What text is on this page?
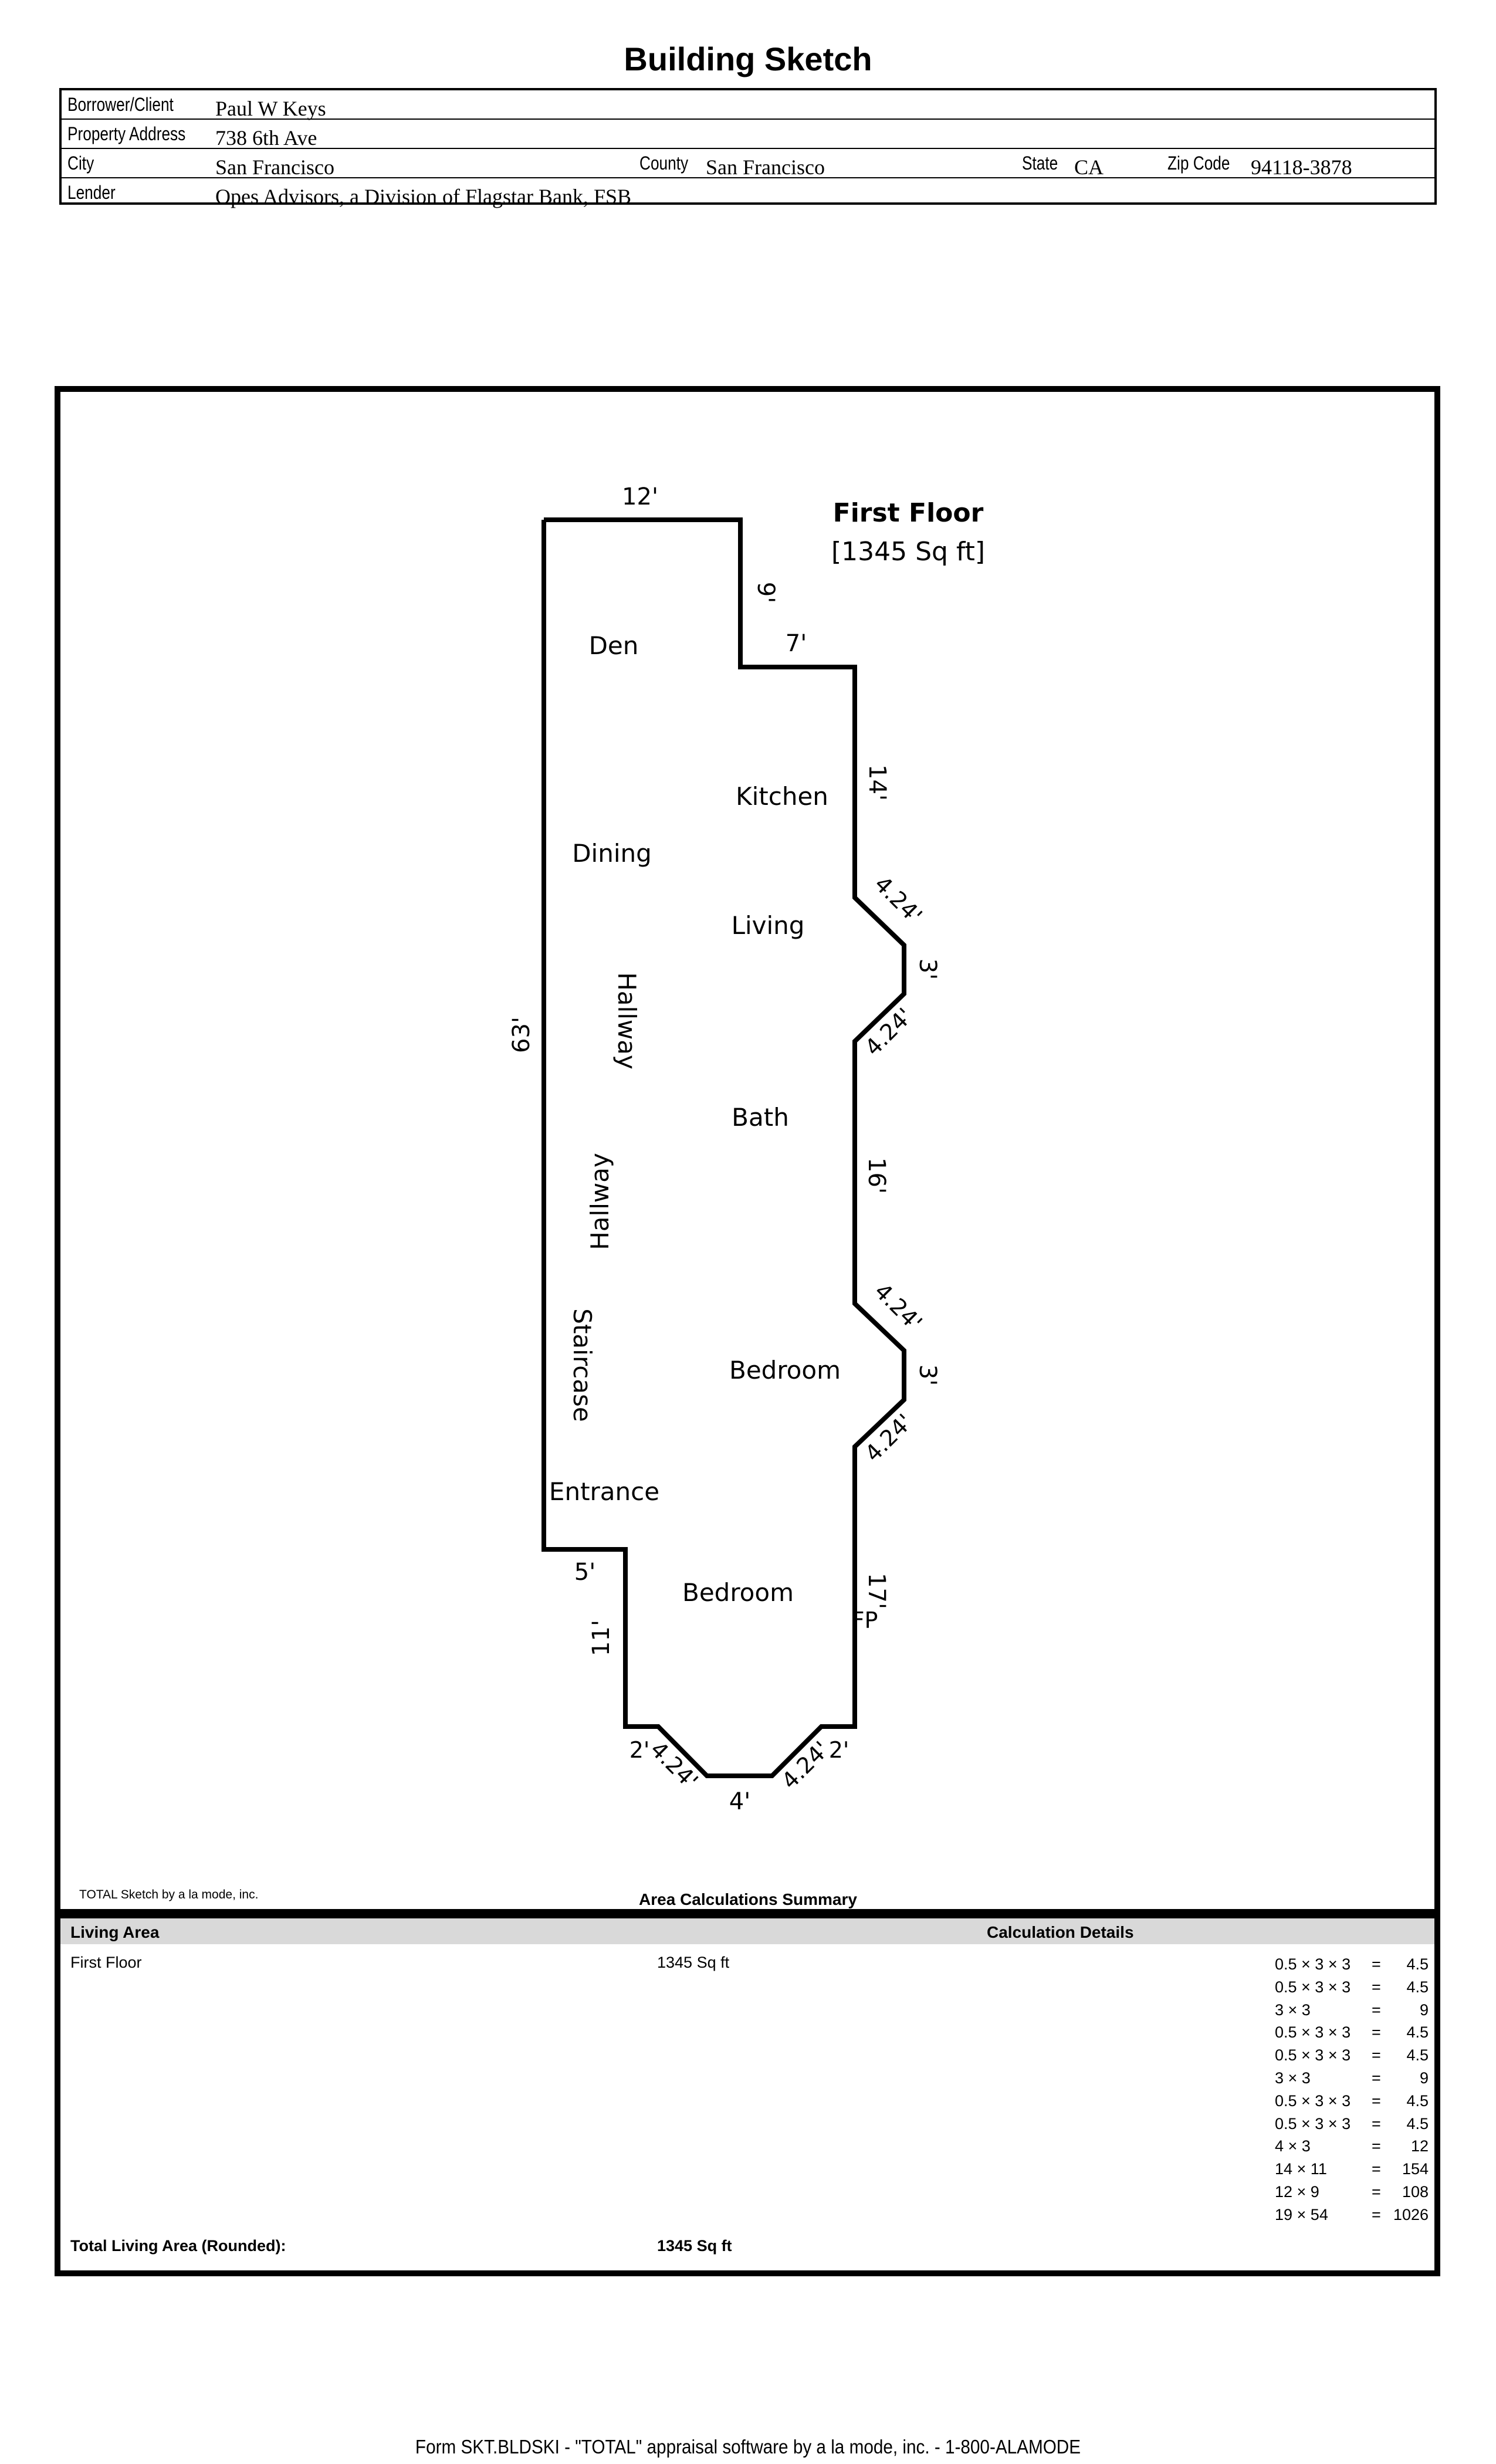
Building Sketch
Borrower/Client Paul W Keys
Property Address 738 6th Ave
City	San Francisco	County San Francisco	State CA	Zip Code 94118-3878
Lender	Opes Advisors, a Division of Flagstar Bank, FSB
First Floor
[1345 Sq ft]
Den
Kitchen
Dining
Living
Hallway
Hallway
Bath
Staircase	Bedroom
Entrance
Bedroom
FP
12'
9'
7'
14'
63'
4.24'
3'
4.24'
16'
4.24'
3'
4.24'
17'
5'
11'
2'
4.24'
4'
4.24'
2'
TOTAL Sketch by a la mode, inc.	Area Calculations Summary
Living Area	Calculation Details
First Floor	1345 Sq ft	0.5 × 3 × 3 =	4.5
0.5 × 3 × 3 =	4.5
3 × 3	=	9
0.5 × 3 × 3 =	4.5
0.5 × 3 × 3 =	4.5
3 × 3	=	9
0.5 × 3 × 3 =	4.5
0.5 × 3 × 3 =	4.5
4 × 3	=	12
14 × 11	=	154
12 × 9	=	108
19 × 54	= 1026
Total Living Area (Rounded):	1345 Sq ft
Form SKT.BLDSKI - "TOTAL" appraisal software by a la mode, inc. - 1-800-ALAMODE
